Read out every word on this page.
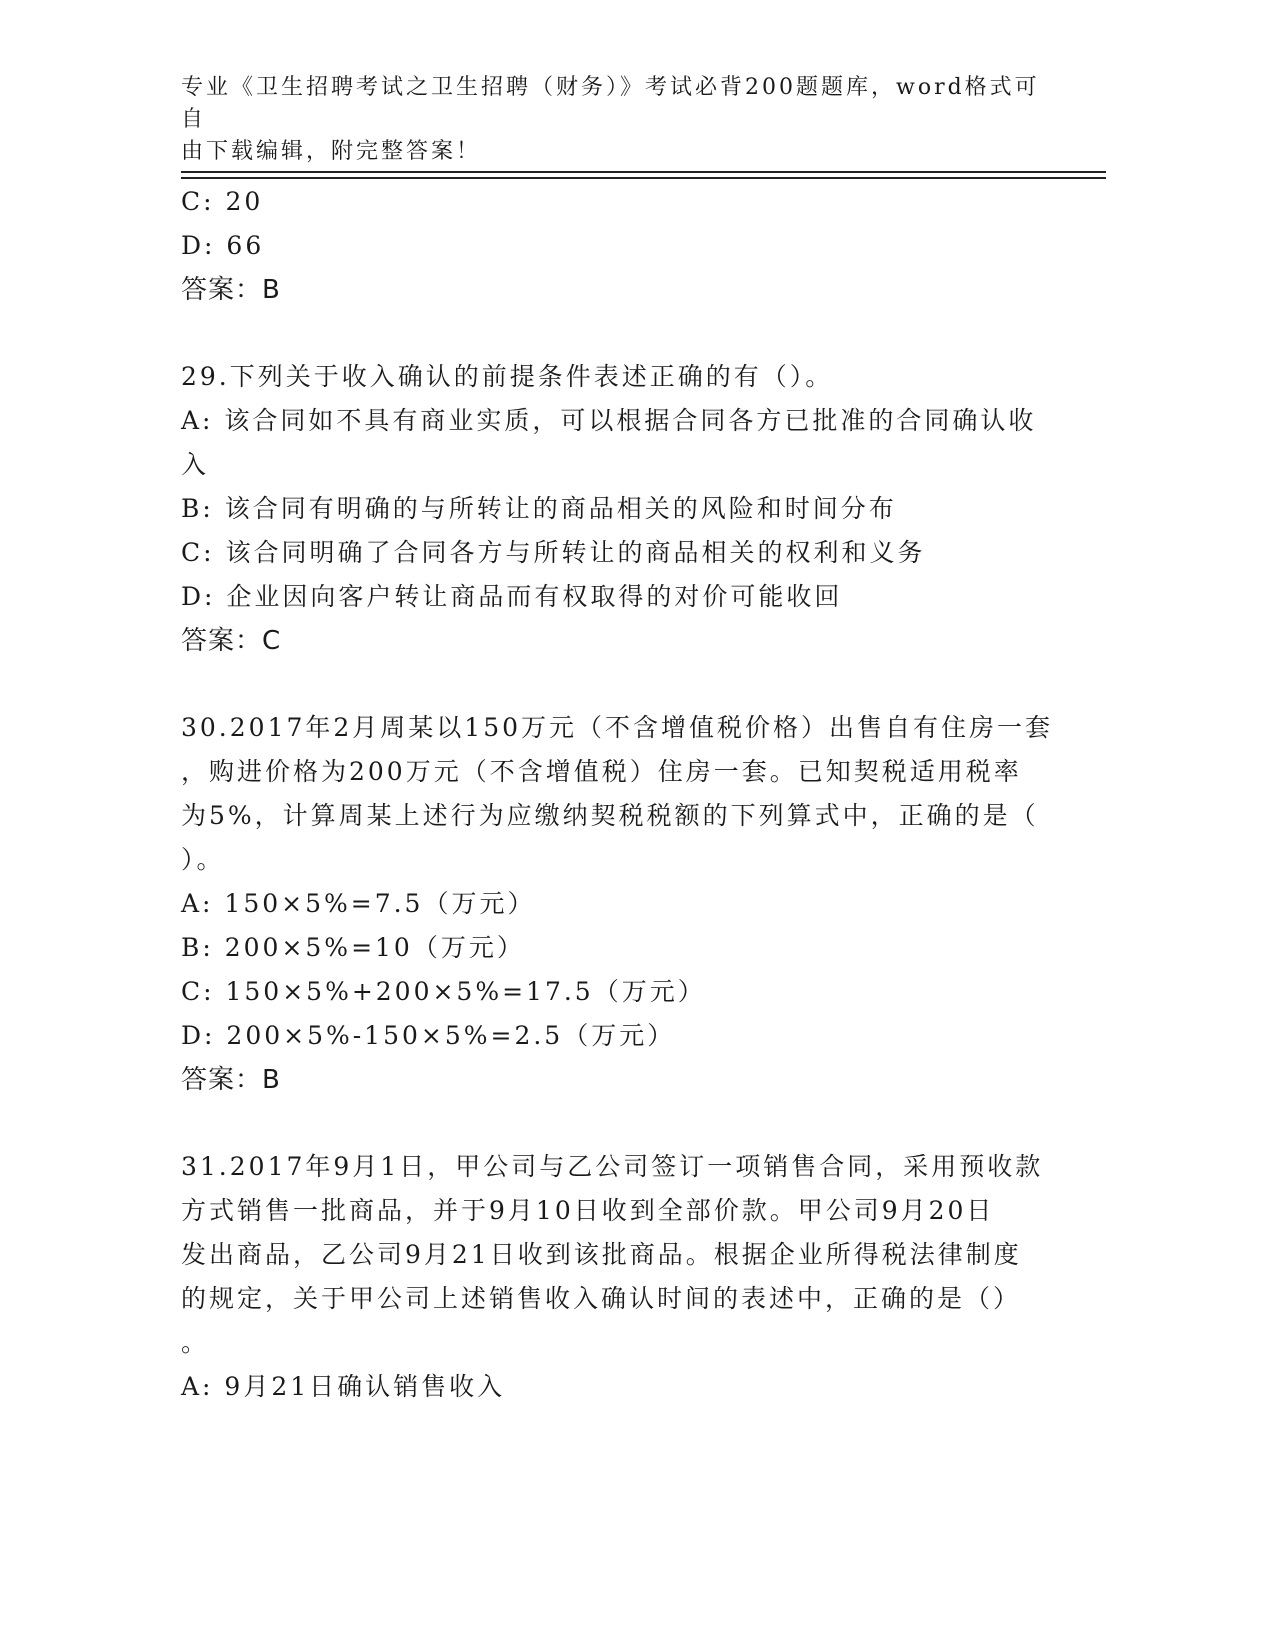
专业《卫生招聘考试之卫生招聘（财务）》考试必背200题题库，word格式可自
由下载编辑，附完整答案！
C: 20
D: 66
答案：B
29.下列关于收入确认的前提条件表述正确的有（）。
A: 该合同如不具有商业实质，可以根据合同各方已批准的合同确认收
入
B: 该合同有明确的与所转让的商品相关的风险和时间分布
C: 该合同明确了合同各方与所转让的商品相关的权利和义务
D: 企业因向客户转让商品而有权取得的对价可能收回
答案：C
30.2017年2月周某以150万元（不含增值税价格）出售自有住房一套
，购进价格为200万元（不含增值税）住房一套。已知契税适用税率
为5%，计算周某上述行为应缴纳契税税额的下列算式中，正确的是（
）。
A: 150×5%=7.5（万元）
B: 200×5%=10（万元）
C: 150×5%+200×5%=17.5（万元）
D: 200×5%-150×5%=2.5（万元）
答案：B
31.2017年9月1日，甲公司与乙公司签订一项销售合同，采用预收款
方式销售一批商品，并于9月10日收到全部价款。甲公司9月20日
发出商品，乙公司9月21日收到该批商品。根据企业所得税法律制度
的规定，关于甲公司上述销售收入确认时间的表述中，正确的是（）
。
A: 9月21日确认销售收入
